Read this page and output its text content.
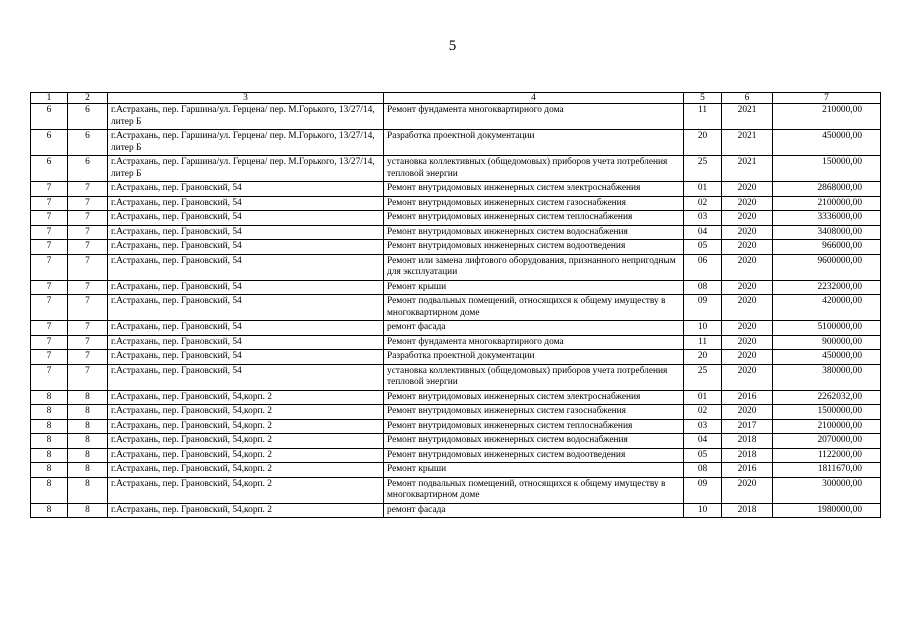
5
1	2	3	4	5	6	7
6	6	г.Астрахань, пер. Гаршина/ул. Герцена/ пер. М.Горького, 13/27/14, литер Б	Ремонт фундамента многоквартирного дома	11	2021	210000,00
6	6	г.Астрахань, пер. Гаршина/ул. Герцена/ пер. М.Горького, 13/27/14, литер Б	Разработка проектной документации	20	2021	450000,00
6	6	г.Астрахань, пер. Гаршина/ул. Герцена/ пер. М.Горького, 13/27/14, литер Б	установка коллективных (общедомовых) приборов учета потребления тепловой энергии	25	2021	150000,00
7	7	г.Астрахань, пер. Грановский, 54	Ремонт внутридомовых инженерных систем электроснабжения	01	2020	2868000,00
7	7	г.Астрахань, пер. Грановский, 54	Ремонт внутридомовых инженерных систем газоснабжения	02	2020	2100000,00
7	7	г.Астрахань, пер. Грановский, 54	Ремонт внутридомовых инженерных систем теплоснабжения	03	2020	3336000,00
7	7	г.Астрахань, пер. Грановский, 54	Ремонт внутридомовых инженерных систем водоснабжения	04	2020	3408000,00
7	7	г.Астрахань, пер. Грановский, 54	Ремонт внутридомовых инженерных систем водоотведения	05	2020	966000,00
7	7	г.Астрахань, пер. Грановский, 54	Ремонт или замена лифтового оборудования, признанного непригодным для эксплуатации	06	2020	9600000,00
7	7	г.Астрахань, пер. Грановский, 54	Ремонт крыши	08	2020	2232000,00
7	7	г.Астрахань, пер. Грановский, 54	Ремонт подвальных помещений, относящихся к общему имуществу в многоквартирном доме	09	2020	420000,00
7	7	г.Астрахань, пер. Грановский, 54	ремонт фасада	10	2020	5100000,00
7	7	г.Астрахань, пер. Грановский, 54	Ремонт фундамента многоквартирного дома	11	2020	900000,00
7	7	г.Астрахань, пер. Грановский, 54	Разработка проектной документации	20	2020	450000,00
7	7	г.Астрахань, пер. Грановский, 54	установка коллективных (общедомовых) приборов учета потребления тепловой энергии	25	2020	380000,00
8	8	г.Астрахань, пер. Грановский, 54,корп. 2	Ремонт внутридомовых инженерных систем электроснабжения	01	2016	2262032,00
8	8	г.Астрахань, пер. Грановский, 54,корп. 2	Ремонт внутридомовых инженерных систем газоснабжения	02	2020	1500000,00
8	8	г.Астрахань, пер. Грановский, 54,корп. 2	Ремонт внутридомовых инженерных систем теплоснабжения	03	2017	2100000,00
8	8	г.Астрахань, пер. Грановский, 54,корп. 2	Ремонт внутридомовых инженерных систем водоснабжения	04	2018	2070000,00
8	8	г.Астрахань, пер. Грановский, 54,корп. 2	Ремонт внутридомовых инженерных систем водоотведения	05	2018	1122000,00
8	8	г.Астрахань, пер. Грановский, 54,корп. 2	Ремонт крыши	08	2016	1811670,00
8	8	г.Астрахань, пер. Грановский, 54,корп. 2	Ремонт подвальных помещений, относящихся к общему имуществу в многоквартирном доме	09	2020	300000,00
8	8	г.Астрахань, пер. Грановский, 54,корп. 2	ремонт фасада	10	2018	1980000,00
